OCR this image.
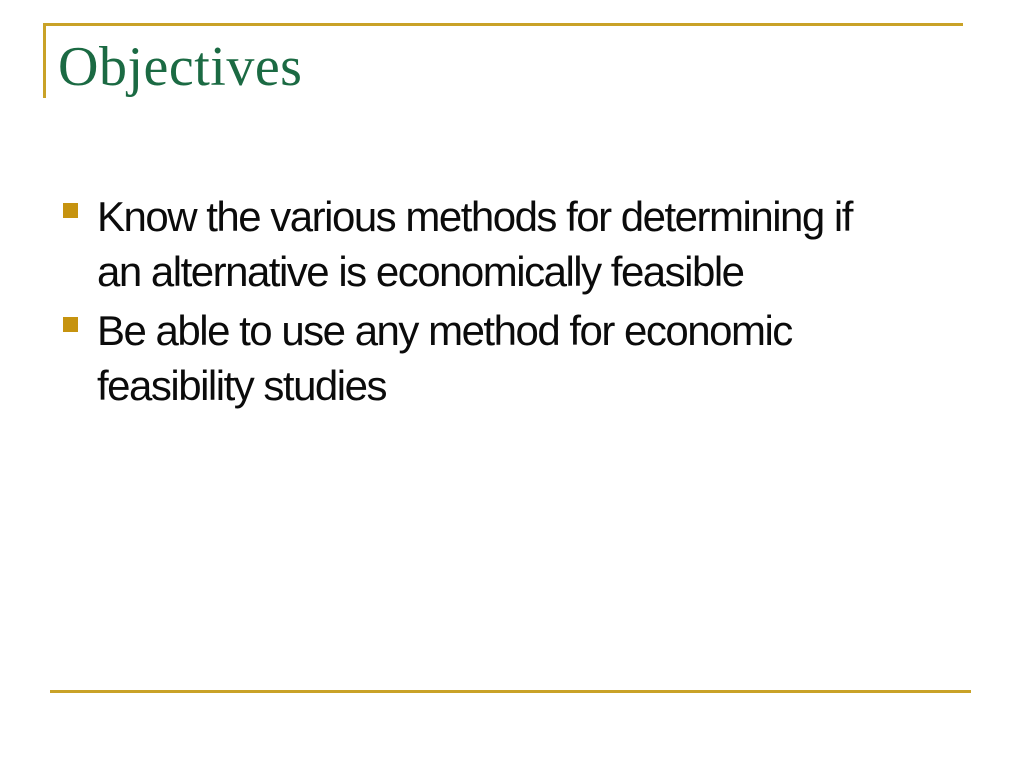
Objectives
Know the various methods for determining if
an alternative is economically feasible
Be able to use any method for economic
feasibility studies
